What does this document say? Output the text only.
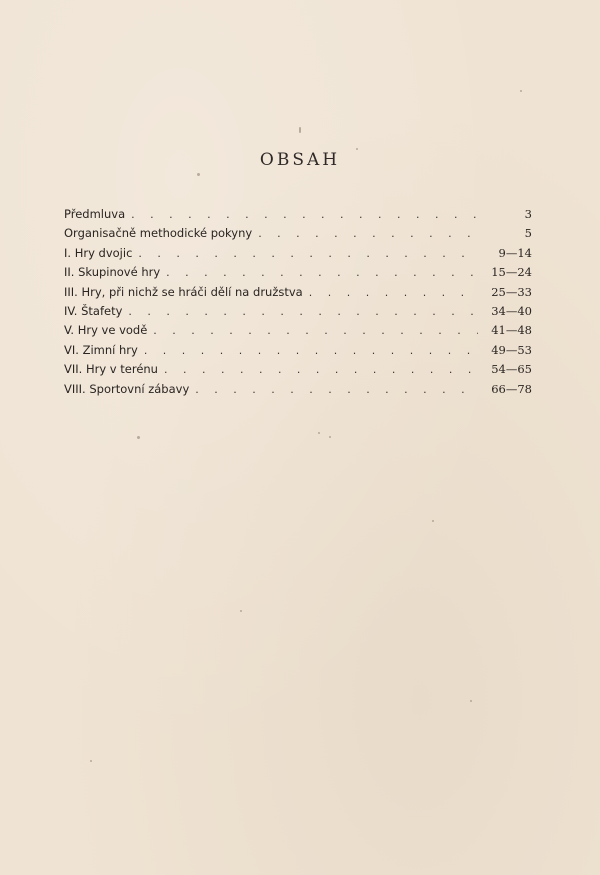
OBSAH
Předmluva . . .	3
Organisačně methodické pokyny . . .	5
I. Hry dvojic . . .	9—14
II. Skupinové hry . . .	15—24
III. Hry, při nichž se hráči dělí na družstva . . .	25—33
IV. Štafety . . .	34—40
V. Hry ve vodě . . .	41—48
VI. Zimní hry . . .	49—53
VII. Hry v terénu . . .	54—65
VIII. Sportovní zábavy . . .	66—78
